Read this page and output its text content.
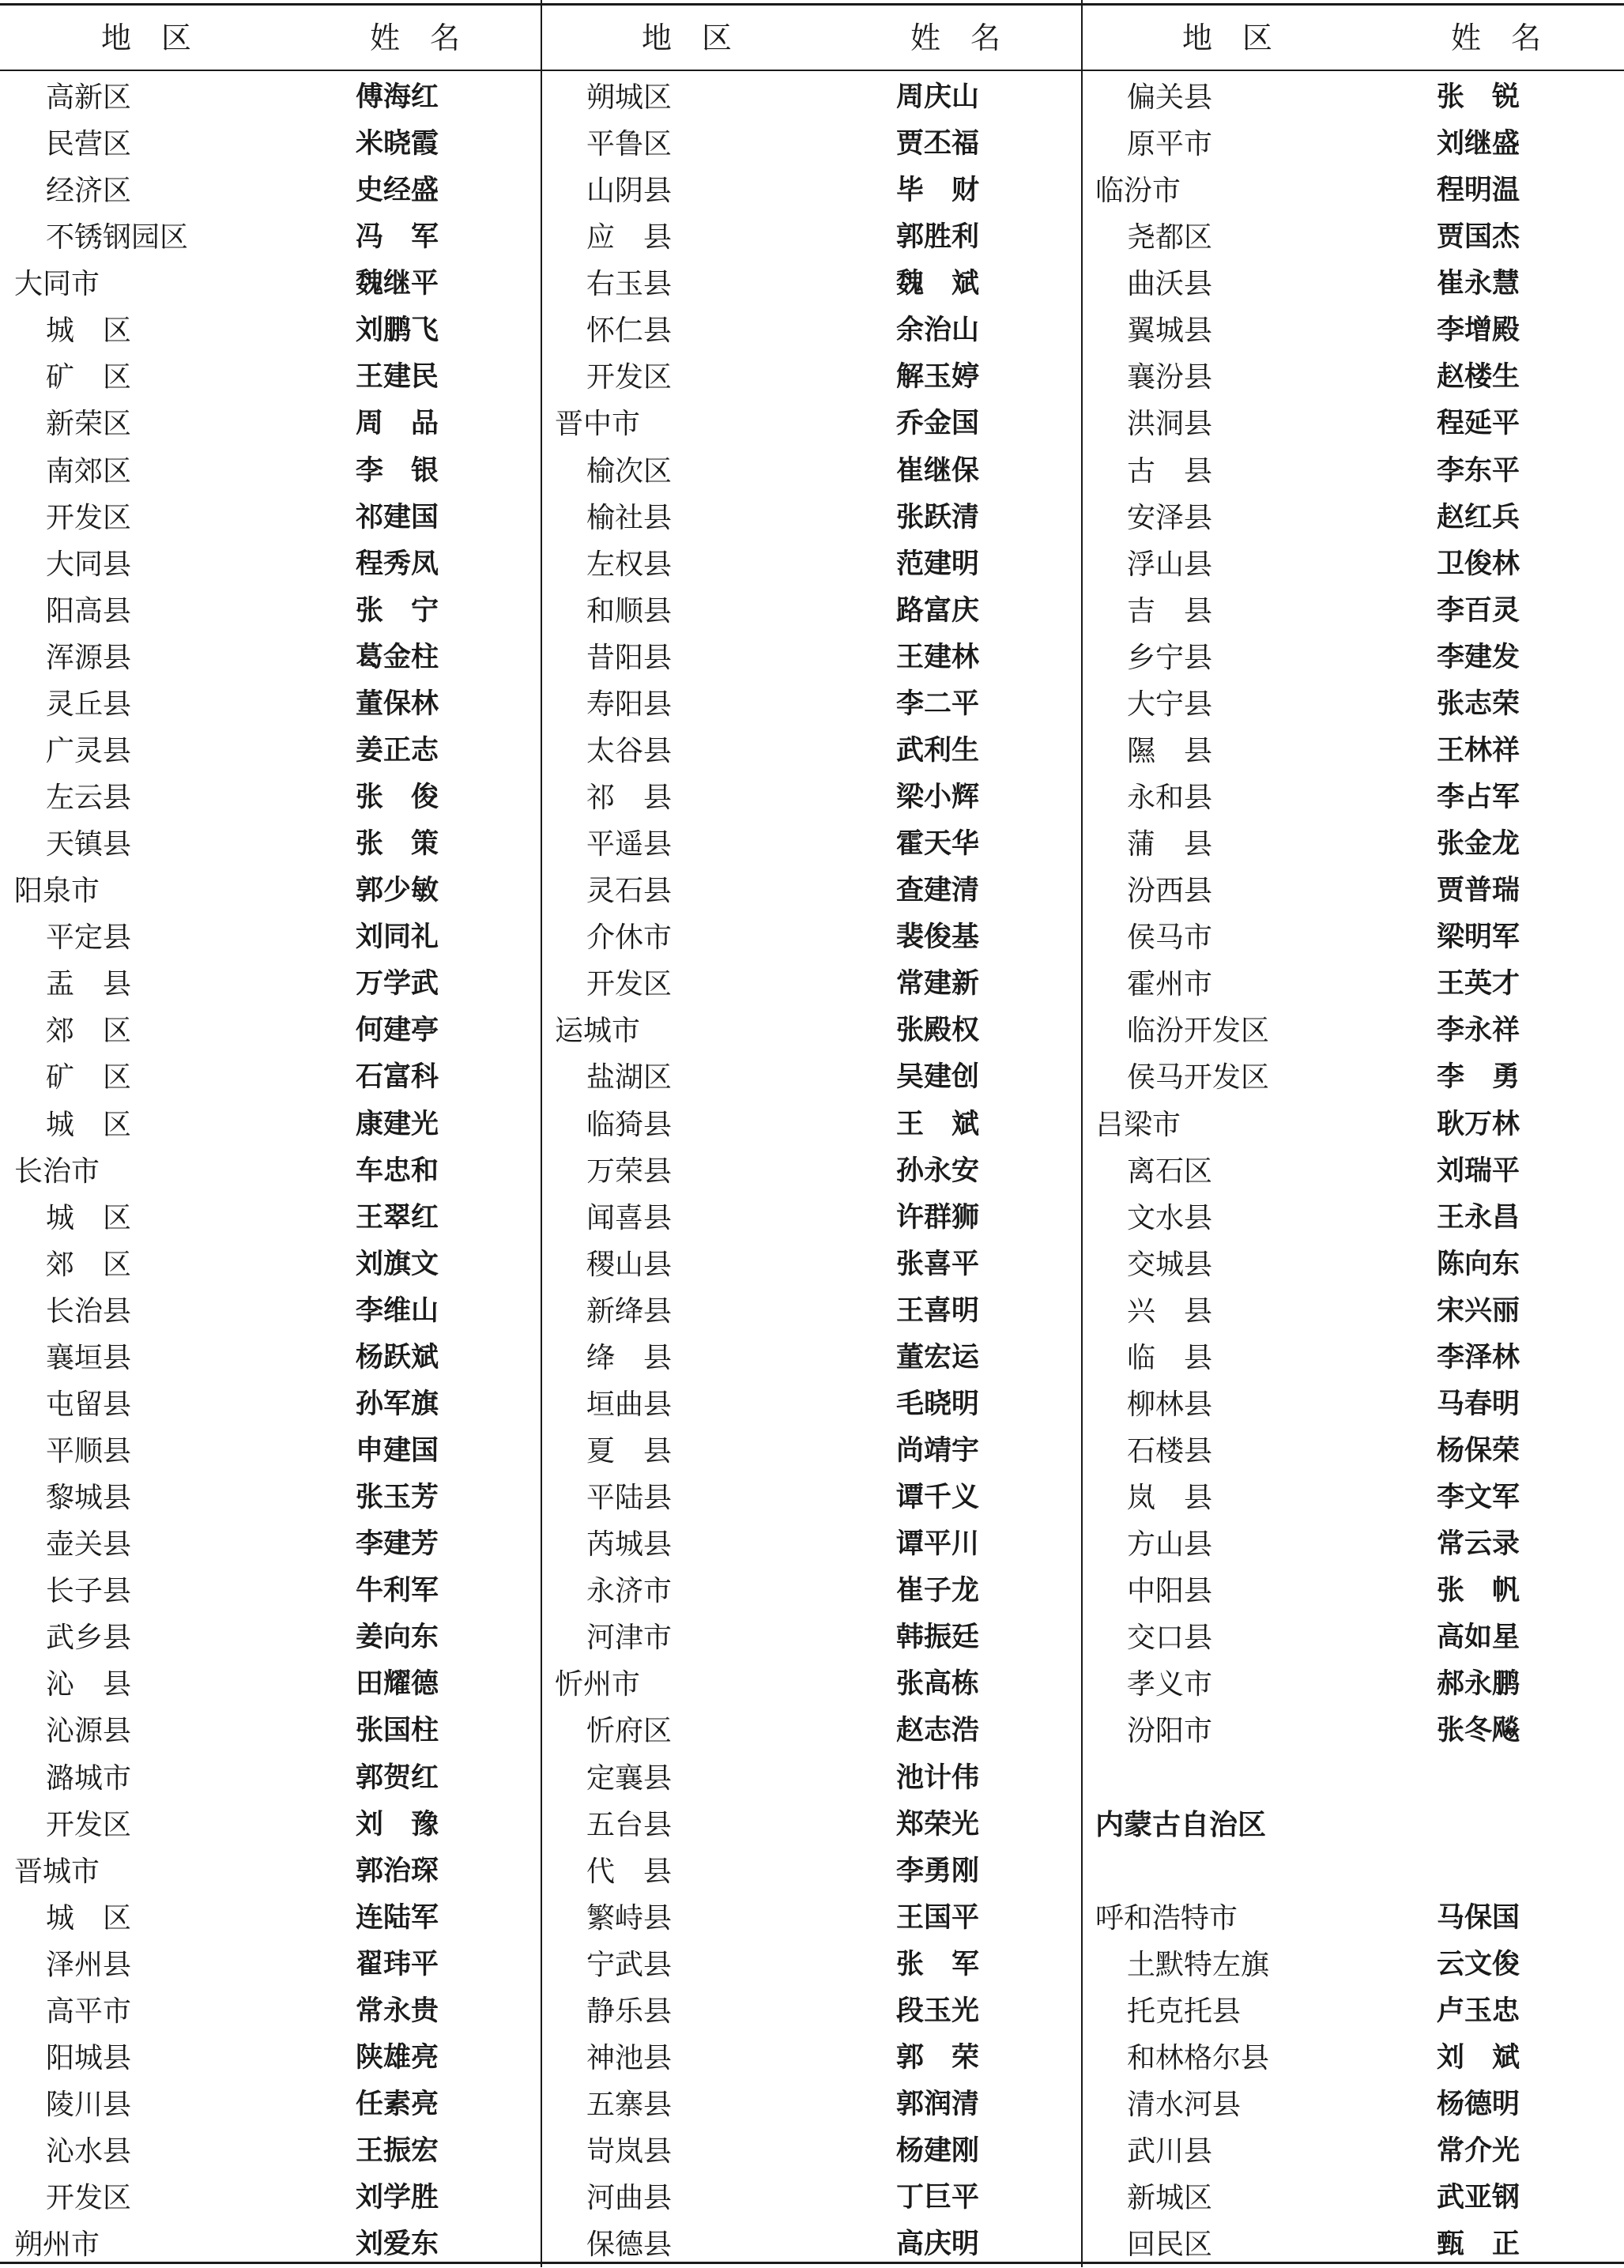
地　区	姓　名	地　区	姓　名	地　区	姓　名
高新区	傅海红
民营区	米晓霞
经济区	史经盛
不锈钢园区	冯　军
大同市	魏继平
城　区	刘鹏飞
矿　区	王建民
新荣区	周　品
南郊区	李　银
开发区	祁建国
大同县	程秀凤
阳高县	张　宁
浑源县	葛金柱
灵丘县	董保林
广灵县	姜正志
左云县	张　俊
天镇县	张　策
阳泉市	郭少敏
平定县	刘同礼
盂　县	万学武
郊　区	何建亭
矿　区	石富科
城　区	康建光
长治市	车忠和
城　区	王翠红
郊　区	刘旗文
长治县	李维山
襄垣县	杨跃斌
屯留县	孙军旗
平顺县	申建国
黎城县	张玉芳
壶关县	李建芳
长子县	牛利军
武乡县	姜向东
沁　县	田耀德
沁源县	张国柱
潞城市	郭贺红
开发区	刘　豫
晋城市	郭治琛
城　区	连陆军
泽州县	翟玮平
高平市	常永贵
阳城县	陕雄亮
陵川县	任素亮
沁水县	王振宏
开发区	刘学胜
朔州市	刘爱东
朔城区	周庆山
平鲁区	贾丕福
山阴县	毕　财
应　县	郭胜利
右玉县	魏　斌
怀仁县	余治山
开发区	解玉婷
晋中市	乔金国
榆次区	崔继保
榆社县	张跃清
左权县	范建明
和顺县	路富庆
昔阳县	王建林
寿阳县	李二平
太谷县	武利生
祁　县	梁小辉
平遥县	霍天华
灵石县	查建清
介休市	裴俊基
开发区	常建新
运城市	张殿权
盐湖区	吴建创
临猗县	王　斌
万荣县	孙永安
闻喜县	许群狮
稷山县	张喜平
新绛县	王喜明
绛　县	董宏运
垣曲县	毛晓明
夏　县	尚靖宇
平陆县	谭千义
芮城县	谭平川
永济市	崔子龙
河津市	韩振廷
忻州市	张高栋
忻府区	赵志浩
定襄县	池计伟
五台县	郑荣光
代　县	李勇刚
繁峙县	王国平
宁武县	张　军
静乐县	段玉光
神池县	郭　荣
五寨县	郭润清
岢岚县	杨建刚
河曲县	丁巨平
保德县	高庆明
偏关县	张　锐
原平市	刘继盛
临汾市	程明温
尧都区	贾国杰
曲沃县	崔永慧
翼城县	李增殿
襄汾县	赵楼生
洪洞县	程延平
古　县	李东平
安泽县	赵红兵
浮山县	卫俊林
吉　县	李百灵
乡宁县	李建发
大宁县	张志荣
隰　县	王林祥
永和县	李占军
蒲　县	张金龙
汾西县	贾普瑞
侯马市	梁明军
霍州市	王英才
临汾开发区	李永祥
侯马开发区	李　勇
吕梁市	耿万林
离石区	刘瑞平
文水县	王永昌
交城县	陈向东
兴　县	宋兴丽
临　县	李泽林
柳林县	马春明
石楼县	杨保荣
岚　县	李文军
方山县	常云录
中阳县	张　帆
交口县	高如星
孝义市	郝永鹏
汾阳市	张冬飚
内蒙古自治区
呼和浩特市	马保国
土默特左旗	云文俊
托克托县	卢玉忠
和林格尔县	刘　斌
清水河县	杨德明
武川县	常介光
新城区	武亚钢
回民区	甄　正
